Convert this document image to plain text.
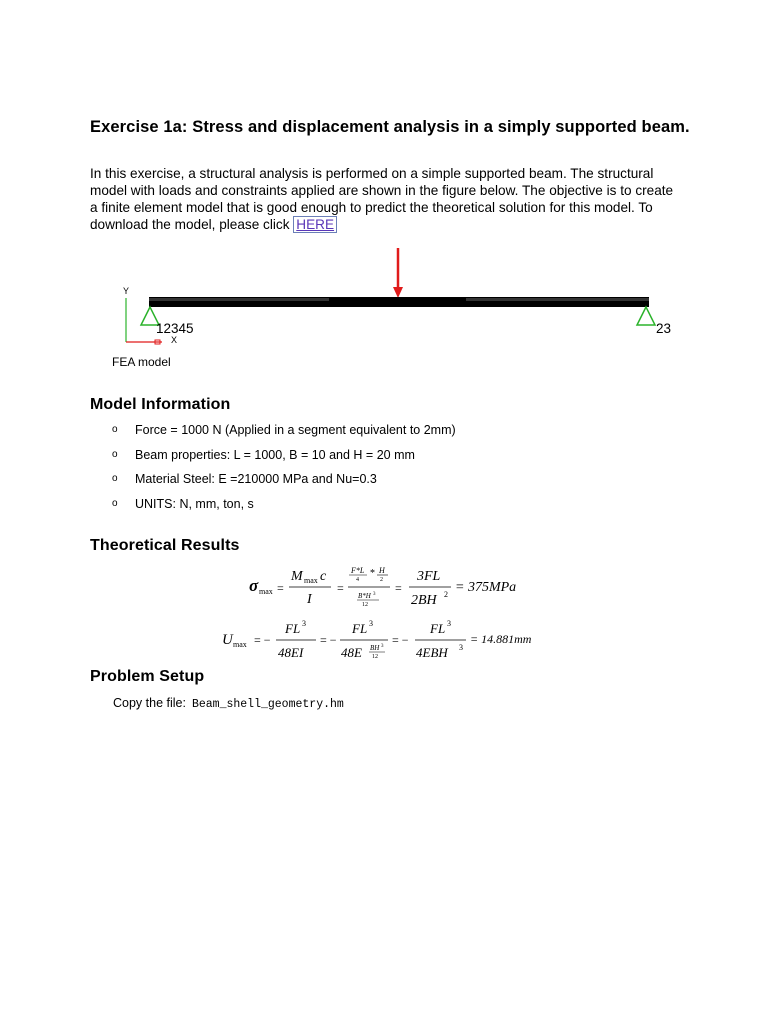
Exercise 1a: Stress and displacement analysis in a simply supported beam.

In this exercise, a structural analysis is performed on a simple supported beam. The structural model with loads and constraints applied are shown in the figure below. The objective is to create a finite element model that is good enough to predict the theoretical solution for this model. To download the model, please click HERE

Y
X
12345	23
FEA model
Model Information
o Force = 1000 N (Applied in a segment equivalent to 2mm)
o Beam properties: L = 1000, B = 10 and H = 20 mm
o Material Steel: E =210000 MPa and Nu=0.3
o UNITS: N, mm, ton, s
Theoretical Results
σ max =
M max c
I
=
F*L
4
* H
2
B*H 3
12
=
3FL
2BH 2 = 375MPa
U max = −
FL 3
48EI
= −
FL 3
48E BH 3
12
= −
FL 3
4EBH 3
= 14.881mm
Problem Setup
Copy the file: Beam_shell_geometry.hm
